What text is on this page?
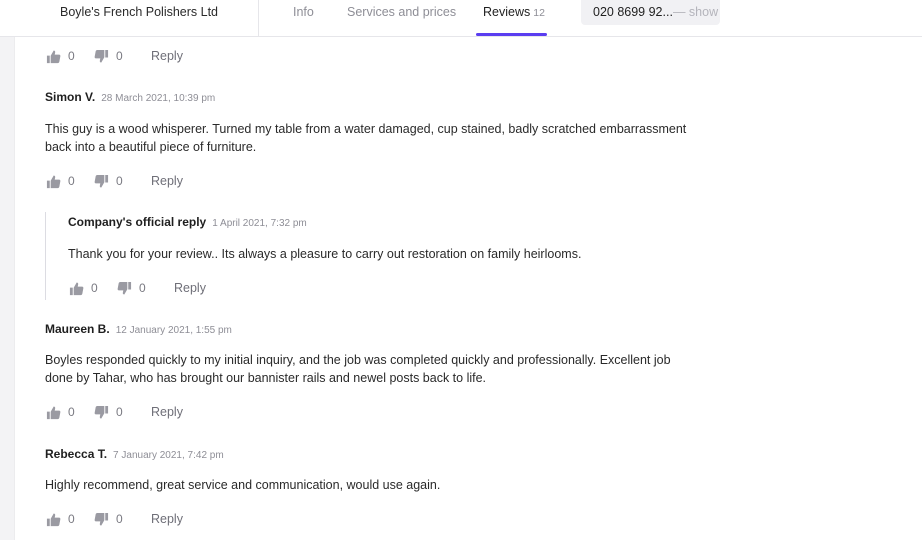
Boyle's French Polishers Ltd	Info	Services and prices Reviews 12	020 8699 92...— show
0	0	Reply
Simon V. 28 March 2021, 10:39 pm
This guy is a wood whisperer. Turned my table from a water damaged, cup stained, badly scratched embarrassment back into a beautiful piece of furniture.
0	0	Reply
Company's official reply 1 April 2021, 7:32 pm
Thank you for your review.. Its always a pleasure to carry out restoration on family heirlooms.
0	0	Reply
Maureen B. 12 January 2021, 1:55 pm
Boyles responded quickly to my initial inquiry, and the job was completed quickly and professionally. Excellent job done by Tahar, who has brought our bannister rails and newel posts back to life.
0	0	Reply
Rebecca T. 7 January 2021, 7:42 pm
Highly recommend, great service and communication, would use again.
0	0	Reply
